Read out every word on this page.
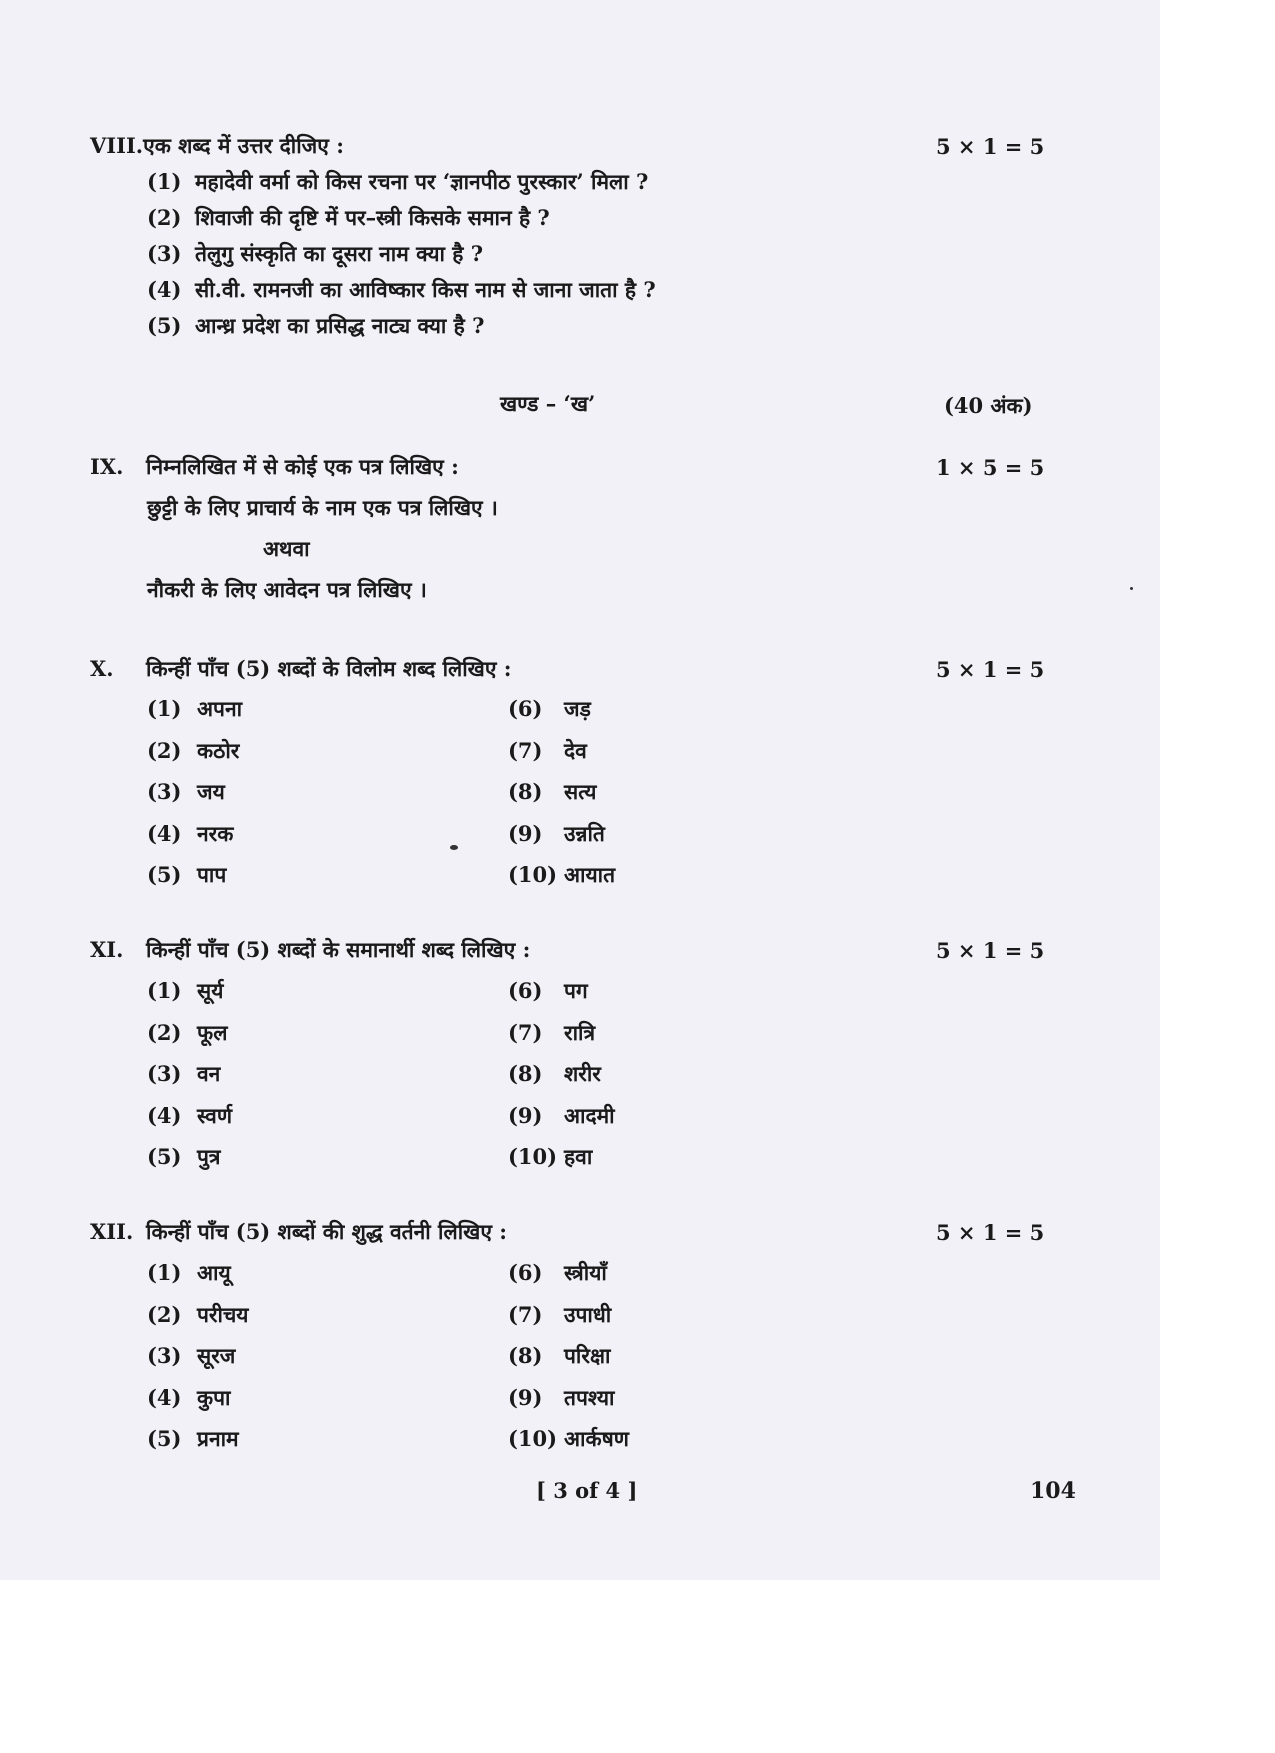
VIII.एक शब्द में उत्तर दीजिए :	5 × 1 = 5
(1) महादेवी वर्मा को किस रचना पर ‘ज्ञानपीठ पुरस्कार’ मिला ?
(2) शिवाजी की दृष्टि में पर–स्त्री किसके समान है ?
(3) तेलुगु संस्कृति का दूसरा नाम क्या है ?
(4) सी.वी. रामनजी का आविष्कार किस नाम से जाना जाता है ?
(5) आन्ध्र प्रदेश का प्रसिद्ध नाट्य क्या है ?
खण्ड – ‘ख’	(40 अंक)
IX. निम्नलिखित में से कोई एक पत्र लिखिए :	1 × 5 = 5
छुट्टी के लिए प्राचार्य के नाम एक पत्र लिखिए ।
अथवा
नौकरी के लिए आवेदन पत्र लिखिए ।
X. किन्हीं पाँच (5) शब्दों के विलोम शब्द लिखिए :	5 × 1 = 5
(1) अपना
(2) कठोर
(3) जय
(4) नरक
(5) पाप
(6) जड़
(7) देव
(8) सत्य
(9) उन्नति
(10) आयात
XI. किन्हीं पाँच (5) शब्दों के समानार्थी शब्द लिखिए :	5 × 1 = 5
(1) सूर्य
(2) फूल
(3) वन
(4) स्वर्ण
(5) पुत्र
(6) पग
(7) रात्रि
(8) शरीर
(9) आदमी
(10) हवा
XII. किन्हीं पाँच (5) शब्दों की शुद्ध वर्तनी लिखिए :	5 × 1 = 5
(1) आयू
(2) परीचय
(3) सूरज
(4) कुपा
(5) प्रनाम
(6) स्त्रीयाँ
(7) उपाधी
(8) परिक्षा
(9) तपश्या
(10) आर्कषण
[ 3 of 4 ]	104
